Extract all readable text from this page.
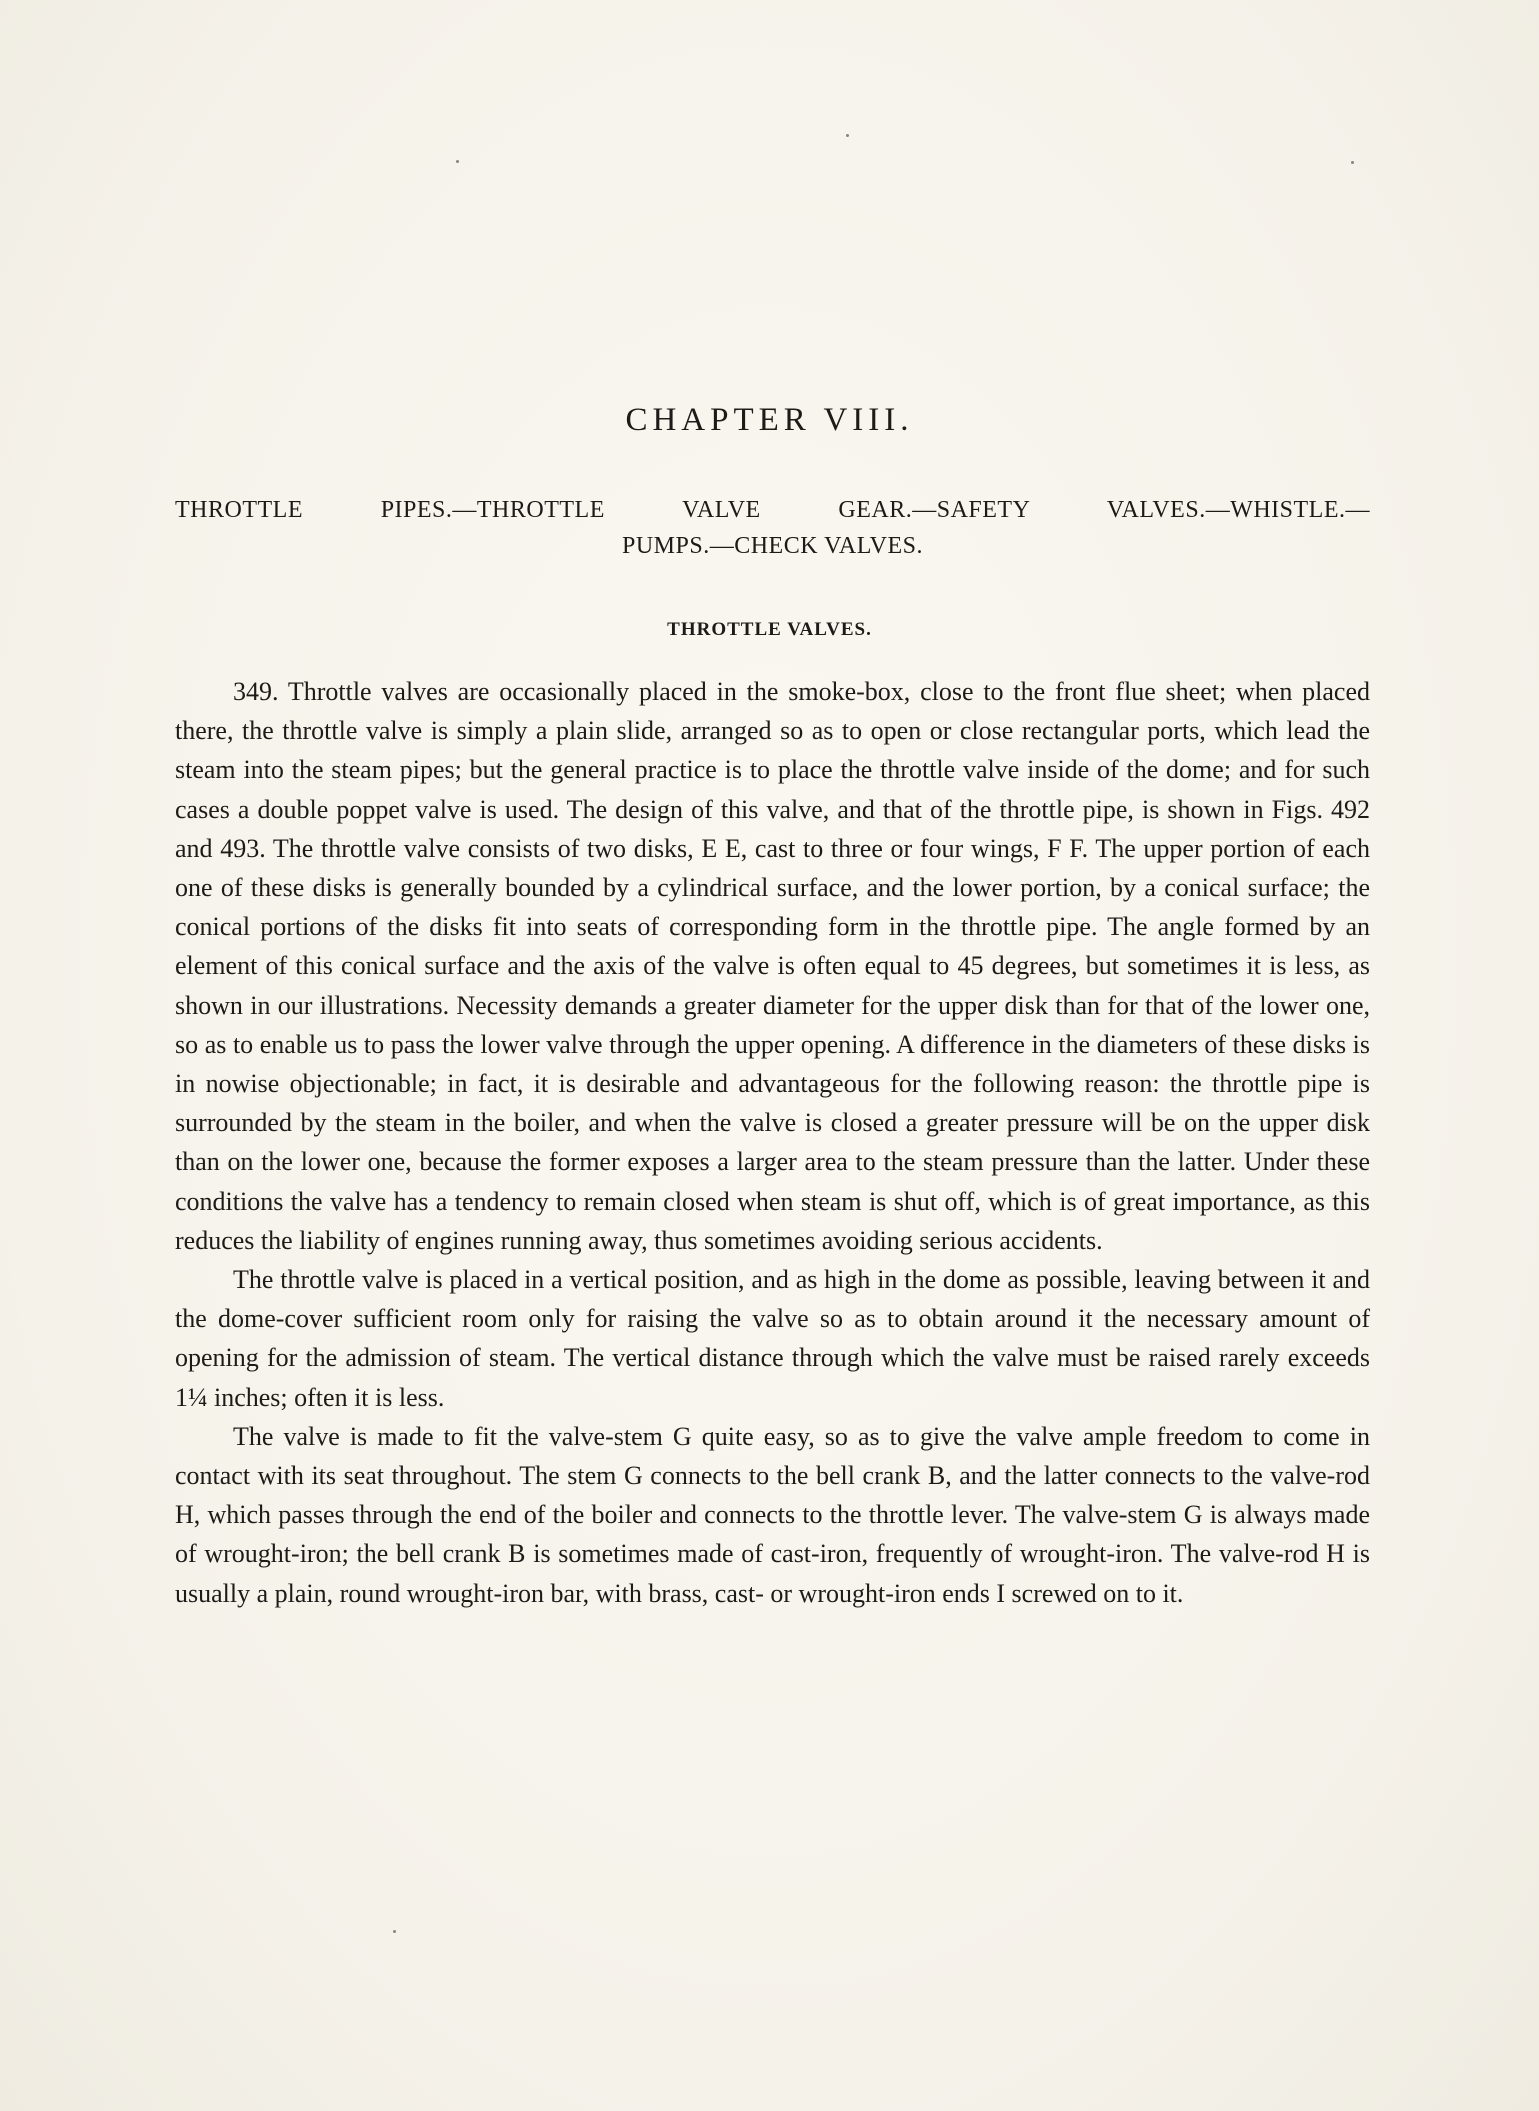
CHAPTER VIII.
THROTTLE PIPES.—THROTTLE VALVE GEAR.—SAFETY VALVES.—WHISTLE.—
PUMPS.—CHECK VALVES.
THROTTLE VALVES.

349. Throttle valves are occasionally placed in the smoke-box, close to the front flue sheet; when placed there, the throttle valve is simply a plain slide, arranged so as to open or close rectangular ports, which lead the steam into the steam pipes; but the general practice is to place the throttle valve inside of the dome; and for such cases a double poppet valve is used. The design of this valve, and that of the throttle pipe, is shown in Figs. 492 and 493. The throttle valve consists of two disks, E E, cast to three or four wings, F F. The upper portion of each one of these disks is generally bounded by a cylindrical surface, and the lower portion, by a conical surface; the conical portions of the disks fit into seats of corresponding form in the throttle pipe. The angle formed by an element of this conical surface and the axis of the valve is often equal to 45 degrees, but sometimes it is less, as shown in our illustrations. Necessity demands a greater diameter for the upper disk than for that of the lower one, so as to enable us to pass the lower valve through the upper opening. A difference in the diameters of these disks is in nowise objectionable; in fact, it is desirable and advantageous for the following reason: the throttle pipe is surrounded by the steam in the boiler, and when the valve is closed a greater pressure will be on the upper disk than on the lower one, because the former exposes a larger area to the steam pressure than the latter. Under these conditions the valve has a tendency to remain closed when steam is shut off, which is of great importance, as this reduces the liability of engines running away, thus sometimes avoiding serious accidents.

The throttle valve is placed in a vertical position, and as high in the dome as possible, leaving between it and the dome-cover sufficient room only for raising the valve so as to obtain around it the necessary amount of opening for the admission of steam. The vertical distance through which the valve must be raised rarely exceeds 1¼ inches; often it is less.

The valve is made to fit the valve-stem G quite easy, so as to give the valve ample freedom to come in contact with its seat throughout. The stem G connects to the bell crank B, and the latter connects to the valve-rod H, which passes through the end of the boiler and connects to the throttle lever. The valve-stem G is always made of wrought-iron; the bell crank B is sometimes made of cast-iron, frequently of wrought-iron. The valve-rod H is usually a plain, round wrought-iron bar, with brass, cast- or wrought-iron ends I screwed on to it.
